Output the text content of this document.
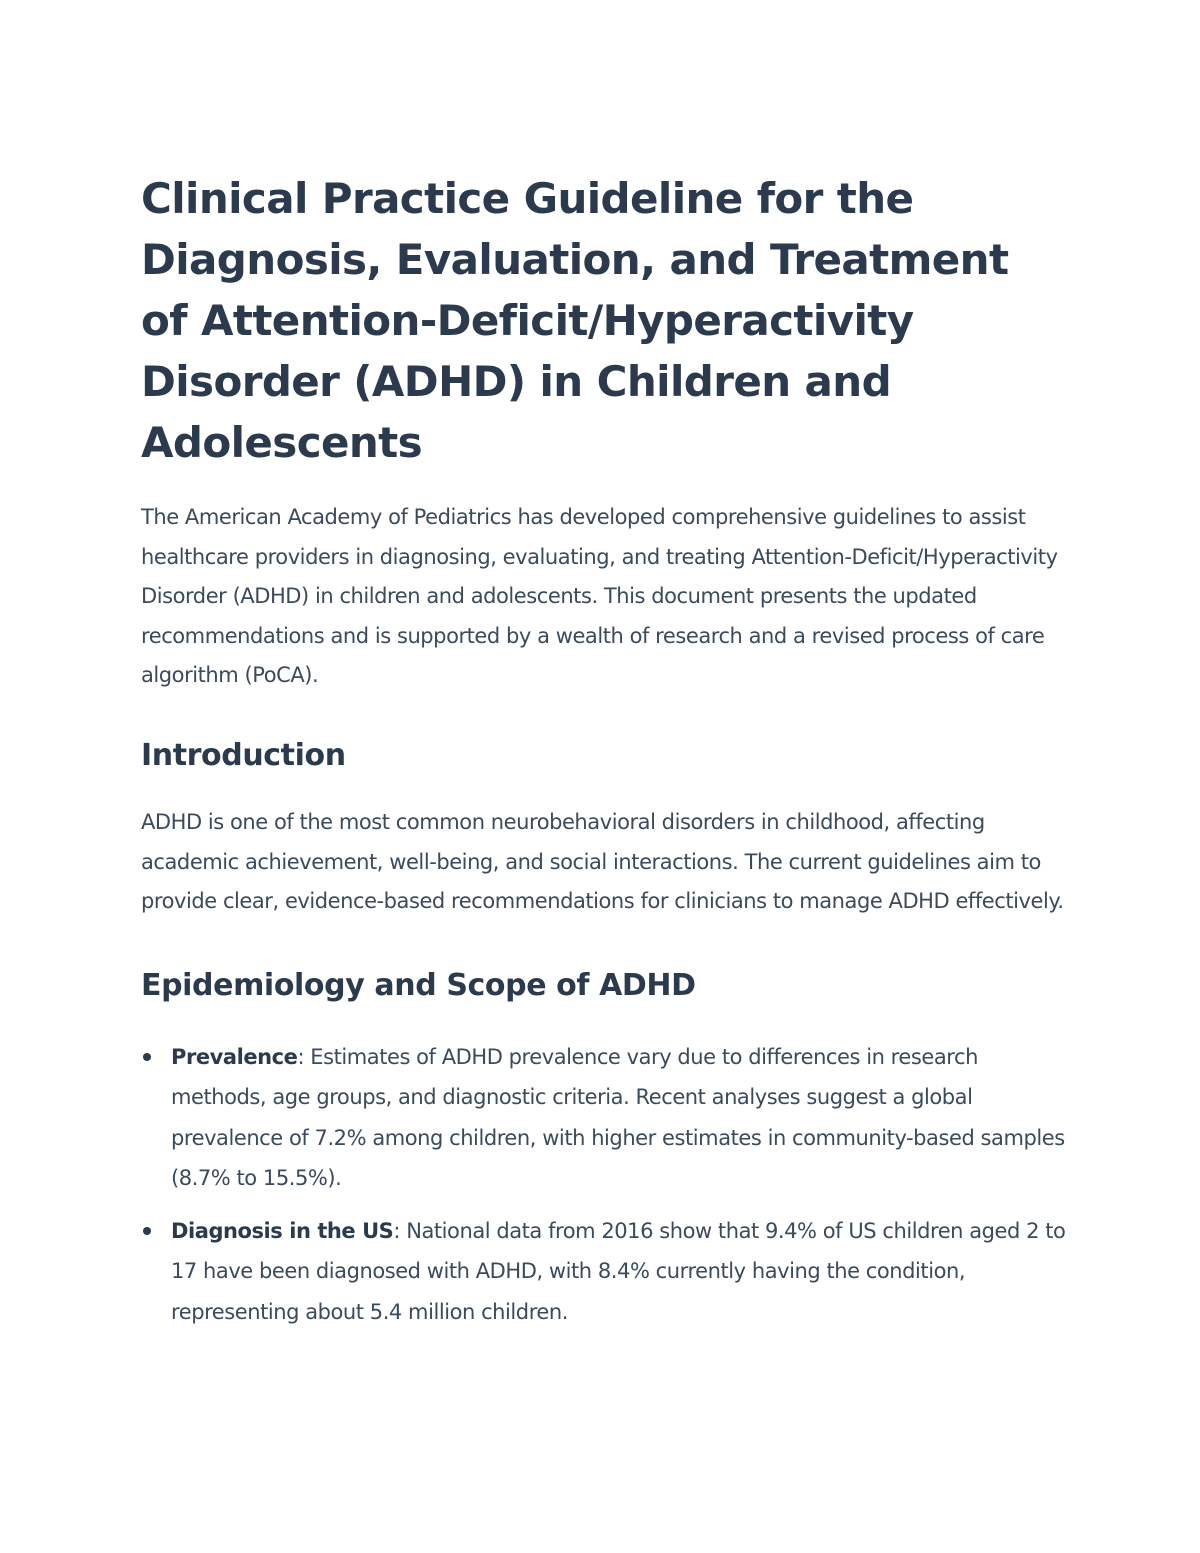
Clinical Practice Guideline for the Diagnosis, Evaluation, and Treatment of Attention-Deficit/Hyperactivity Disorder (ADHD) in Children and Adolescents

The American Academy of Pediatrics has developed comprehensive guidelines to assist healthcare providers in diagnosing, evaluating, and treating Attention-Deficit/Hyperactivity Disorder (ADHD) in children and adolescents. This document presents the updated recommendations and is supported by a wealth of research and a revised process of care algorithm (PoCA).

Introduction

ADHD is one of the most common neurobehavioral disorders in childhood, affecting academic achievement, well-being, and social interactions. The current guidelines aim to provide clear, evidence-based recommendations for clinicians to manage ADHD effectively.

Epidemiology and Scope of ADHD
Prevalence: Estimates of ADHD prevalence vary due to differences in research methods, age groups, and diagnostic criteria. Recent analyses suggest a global prevalence of 7.2% among children, with higher estimates in community-based samples (8.7% to 15.5%).
Diagnosis in the US: National data from 2016 show that 9.4% of US children aged 2 to 17 have been diagnosed with ADHD, with 8.4% currently having the condition, representing about 5.4 million children.
